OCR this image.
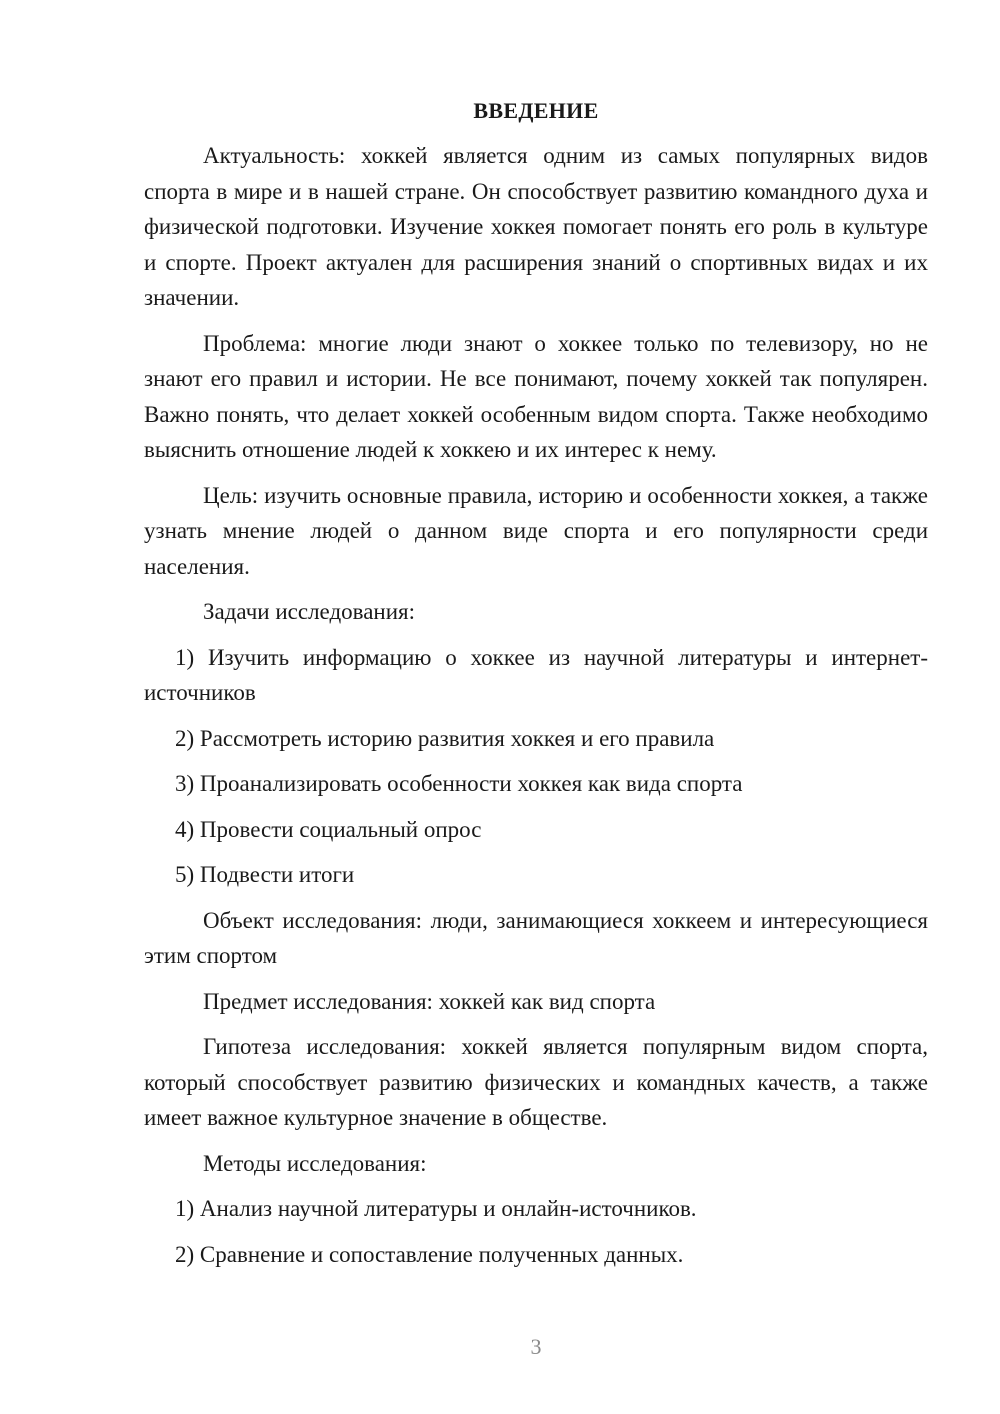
ВВЕДЕНИЕ

Актуальность: хоккей является одним из самых популярных видов спорта в мире и в нашей стране. Он способствует развитию командного духа и физической подготовки. Изучение хоккея помогает понять его роль в культуре и спорте. Проект актуален для расширения знаний о спортивных видах и их значении.

Проблема: многие люди знают о хоккее только по телевизору, но не знают его правил и истории. Не все понимают, почему хоккей так популярен. Важно понять, что делает хоккей особенным видом спорта. Также необходимо выяснить отношение людей к хоккею и их интерес к нему.

Цель: изучить основные правила, историю и особенности хоккея, а также узнать мнение людей о данном виде спорта и его популярности среди населения.

Задачи исследования:

1) Изучить информацию о хоккее из научной литературы и интернет-источников

2) Рассмотреть историю развития хоккея и его правила

3) Проанализировать особенности хоккея как вида спорта

4) Провести социальный опрос

5) Подвести итоги

Объект исследования: люди, занимающиеся хоккеем и интересующиеся этим спортом

Предмет исследования: хоккей как вид спорта

Гипотеза исследования: хоккей является популярным видом спорта, который способствует развитию физических и командных качеств, а также имеет важное культурное значение в обществе.

Методы исследования:

1) Анализ научной литературы и онлайн-источников.

2) Сравнение и сопоставление полученных данных.

3
